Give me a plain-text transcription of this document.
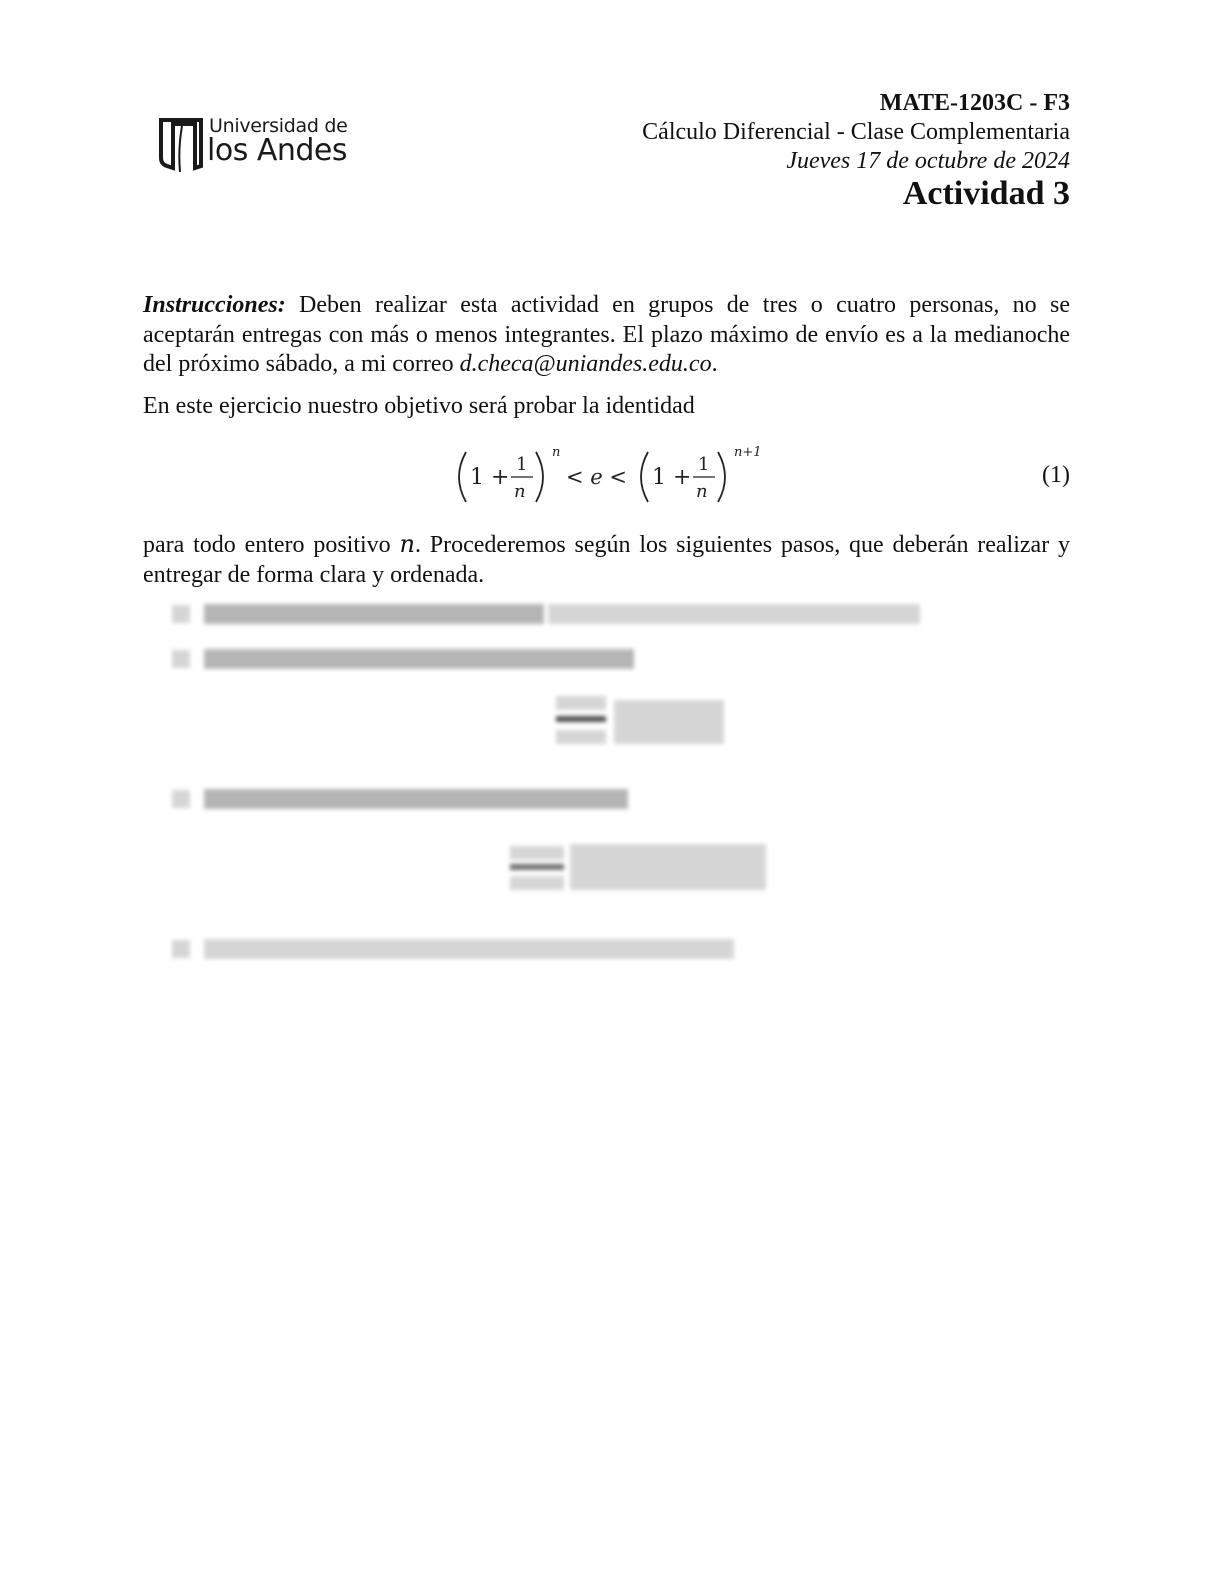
Universidad de
los Andes
MATE-1203C - F3
Cálculo Diferencial - Clase Complementaria
Jueves 17 de octubre de 2024
Actividad 3
Instrucciones: Deben realizar esta actividad en grupos de tres o cuatro personas, no se aceptarán entregas con más o menos integrantes. El plazo máximo de envío es a la medianoche del próximo sábado, a mi correo d.checa@uniandes.edu.co.
En este ejercicio nuestro objetivo será probar la identidad
1 +
1
n
n
< e < 1 +
1
n
n+1
(1)
para todo entero positivo n. Procederemos según los siguientes pasos, que deberán realizar y entregar de forma clara y ordenada.
